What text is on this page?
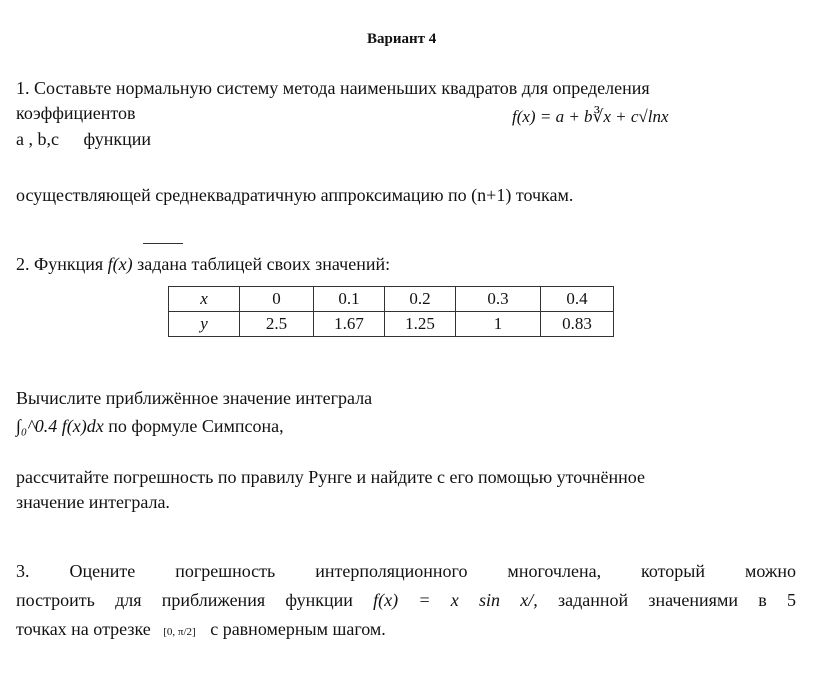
Вариант 4
1. Составьте нормальную систему метода наименьших квадратов для определения
коэффициентов	f(x) = a + b∛x + c√lnx
a , b,c функции
осуществляющей среднеквадратичную аппроксимацию по (n+1) точкам.
2. Функция f(x) задана таблицей своих значений:
x	0	0.1	0.2	0.3	0.4
y	2.5	1.67	1.25	1	0.83
Вычислите приближённое значение интеграла
∫₀^0.4 f(x)dx по формуле Симпсона,
рассчитайте погрешность по правилу Рунге и найдите с его помощью уточнённое
значение интеграла.
3. Оцените погрешность интерполяционного многочлена, который можно
построить для приближения функции f(x) = x sin x/, заданной значениями в 5
точках на отрезке [0, π/2] с равномерным шагом.
